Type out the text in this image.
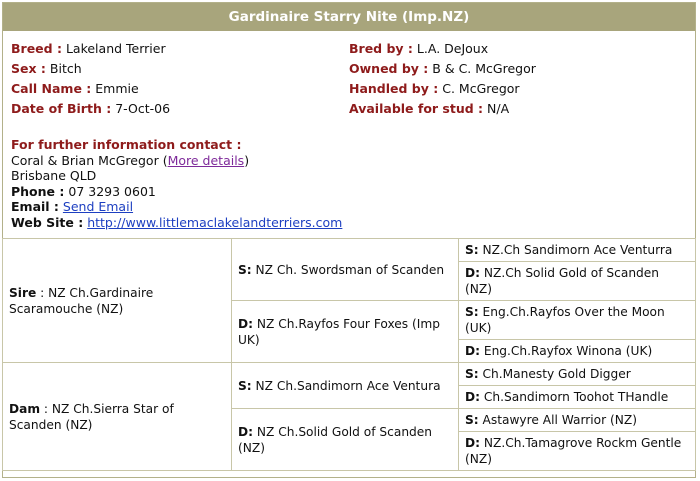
Gardinaire Starry Nite (Imp.NZ)
Breed : Lakeland Terrier
Sex : Bitch
Call Name : Emmie
Date of Birth : 7-Oct-06
Bred by : L.A. DeJoux
Owned by : B & C. McGregor
Handled by : C. McGregor
Available for stud : N/A
For further information contact :
Coral & Brian McGregor (More details)
Brisbane QLD
Phone : 07 3293 0601
Email : Send Email
Web Site : http://www.littlemaclakelandterriers.com
Sire : NZ Ch.Gardinaire Scaramouche (NZ)	S: NZ Ch. Swordsman of Scanden	S: NZ.Ch Sandimorn Ace Venturra
		D: NZ.Ch Solid Gold of Scanden (NZ)
	D: NZ Ch.Rayfos Four Foxes (Imp UK)	S: Eng.Ch.Rayfos Over the Moon (UK)
		D: Eng.Ch.Rayfox Winona (UK)
Dam : NZ Ch.Sierra Star of Scanden (NZ)	S: NZ Ch.Sandimorn Ace Ventura	S: Ch.Manesty Gold Digger
		D: Ch.Sandimorn Toohot THandle
	D: NZ Ch.Solid Gold of Scanden (NZ)	S: Astawyre All Warrior (NZ)
		D: NZ.Ch.Tamagrove Rockm Gentle (NZ)
